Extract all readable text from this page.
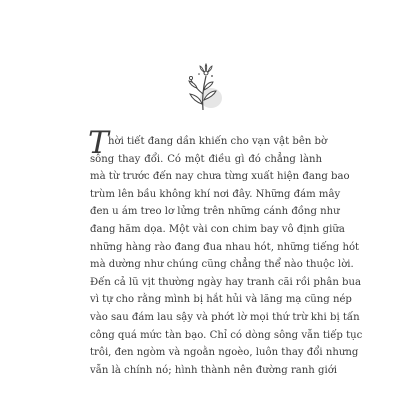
T hời tiết đang dần khiến cho vạn vật bên bờ
sông thay đổi. Có một điều gì đó chẳng lành
mà từ trước đến nay chưa từng xuất hiện đang bao
trùm lên bầu không khí nơi đây. Những đám mây
đen u ám treo lơ lửng trên những cánh đồng như
đang hăm dọa. Một vài con chim bay vô định giữa
những hàng rào đang đua nhau hót, những tiếng hót
mà dường như chúng cũng chẳng thể nào thuộc lời.
Đến cả lũ vịt thường ngày hay tranh cãi rồi phân bua
vì tự cho rằng mình bị hắt hủi và lăng mạ cũng nép
vào sau đám lau sậy và phớt lờ mọi thứ trừ khi bị tấn
công quá mức tàn bạo. Chỉ có dòng sông vẫn tiếp tục
trôi, đen ngòm và ngoằn ngoèo, luôn thay đổi nhưng
vẫn là chính nó; hình thành nên đường ranh giới
